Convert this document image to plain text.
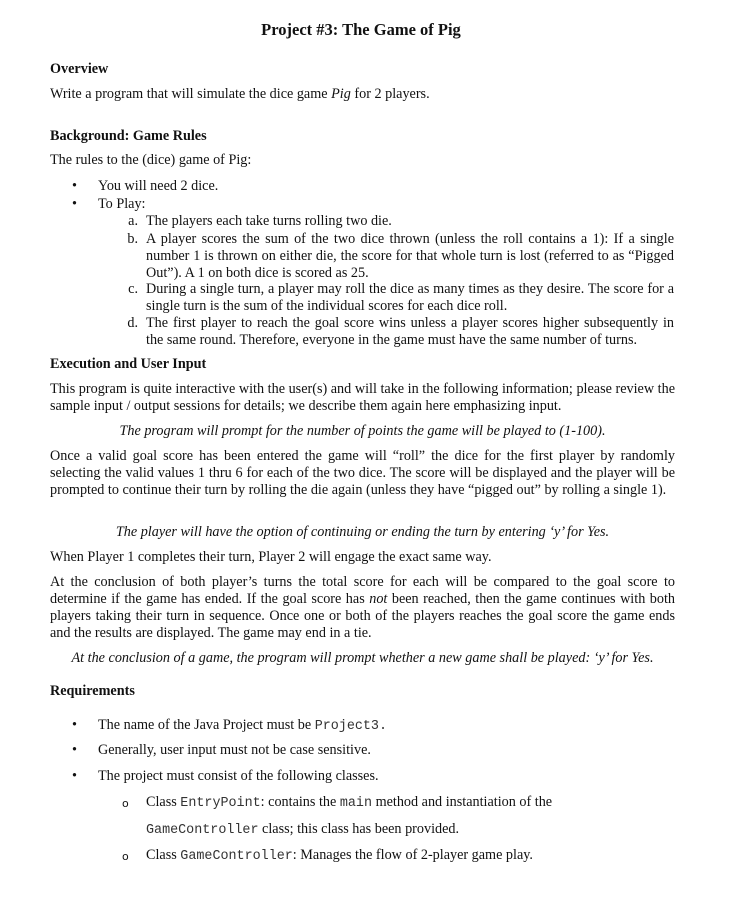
Project #3: The Game of Pig
Overview
Write a program that will simulate the dice game Pig for 2 players.
Background: Game Rules
The rules to the (dice) game of Pig:
•	You will need 2 dice.
•	To Play:
a. The players each take turns rolling two die.
b. A player scores the sum of the two dice thrown (unless the roll contains a 1): If a single number 1 is thrown on either die, the score for that whole turn is lost (referred to as “Pigged Out”). A 1 on both dice is scored as 25.
c. During a single turn, a player may roll the dice as many times as they desire. The score for a single turn is the sum of the individual scores for each dice roll.
d. The first player to reach the goal score wins unless a player scores higher subsequently in the same round. Therefore, everyone in the game must have the same number of turns.
Execution and User Input
This program is quite interactive with the user(s) and will take in the following information; please review the sample input / output sessions for details; we describe them again here emphasizing input.
The program will prompt for the number of points the game will be played to (1-100).
Once a valid goal score has been entered the game will “roll” the dice for the first player by randomly selecting the valid values 1 thru 6 for each of the two dice. The score will be displayed and the player will be prompted to continue their turn by rolling the die again (unless they have “pigged out” by rolling a single 1).
The player will have the option of continuing or ending the turn by entering ‘y’ for Yes.
When Player 1 completes their turn, Player 2 will engage the exact same way.
At the conclusion of both player’s turns the total score for each will be compared to the goal score to determine if the game has ended. If the goal score has not been reached, then the game continues with both players taking their turn in sequence. Once one or both of the players reaches the goal score the game ends and the results are displayed. The game may end in a tie.
At the conclusion of a game, the program will prompt whether a new game shall be played: ‘y’ for Yes.
Requirements
•	The name of the Java Project must be Project3.
•	Generally, user input must not be case sensitive.
•	The project must consist of the following classes.
o Class EntryPoint: contains the main method and instantiation of the
GameController class; this class has been provided.
o Class GameController: Manages the flow of 2-player game play.
